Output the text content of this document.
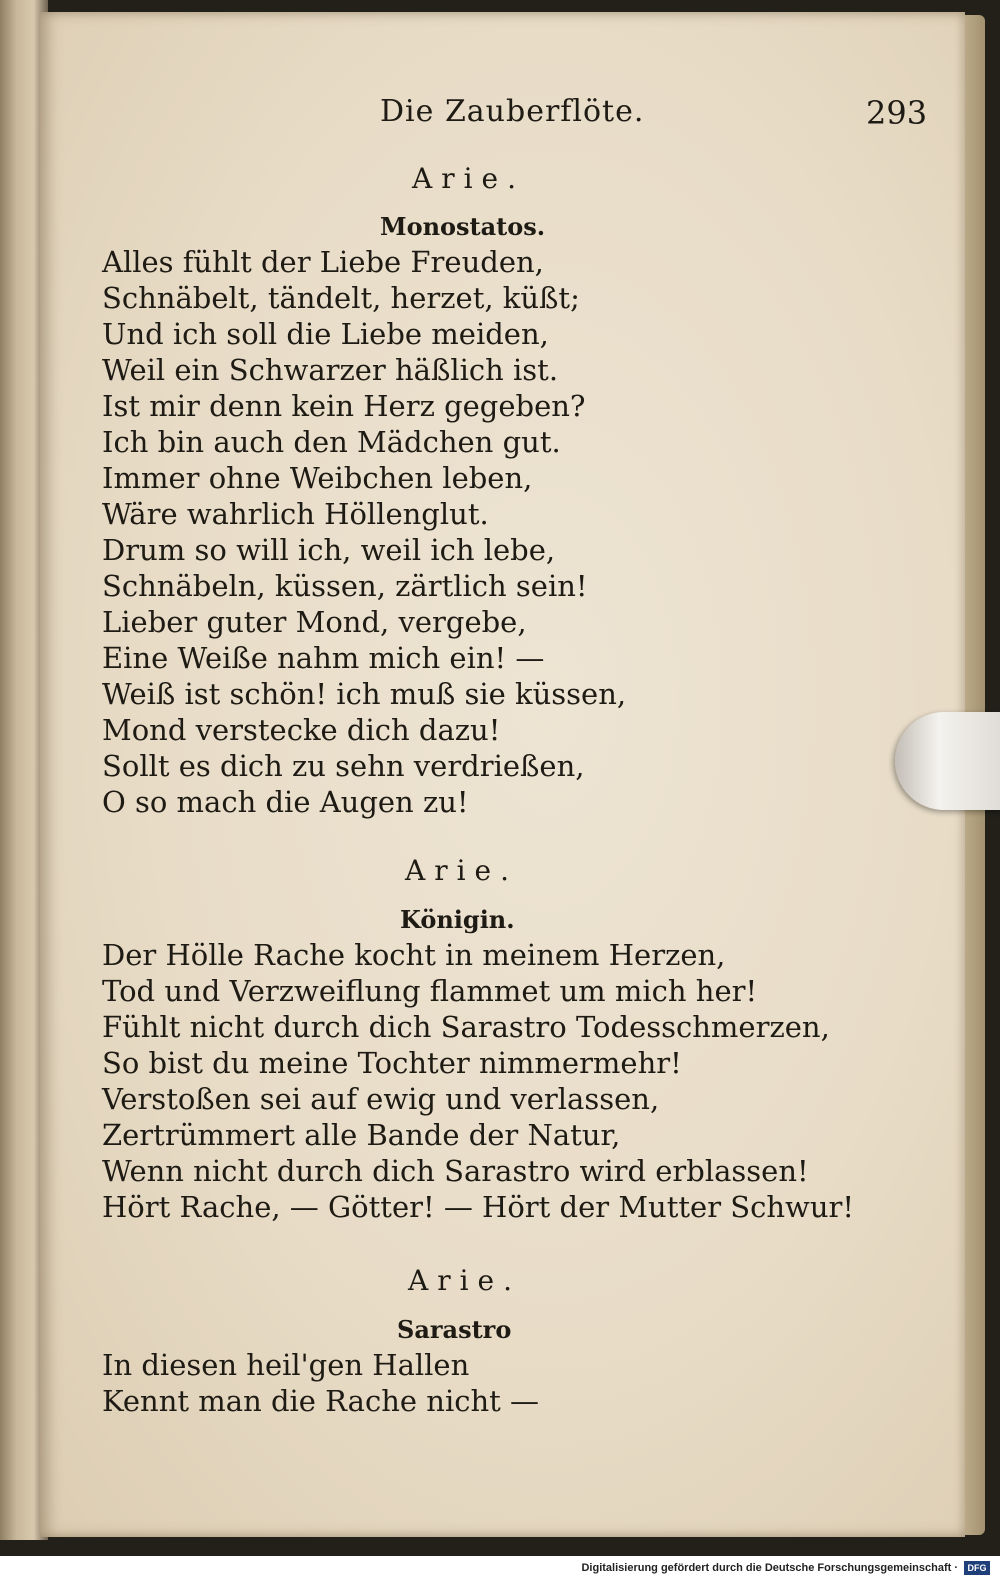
Die Zauberflöte.	293
Arie.
Monostatos.
Alles fühlt der Liebe Freuden,
Schnäbelt, tändelt, herzet, küßt;
Und ich soll die Liebe meiden,
Weil ein Schwarzer häßlich ist.
Ist mir denn kein Herz gegeben?
Ich bin auch den Mädchen gut.
Immer ohne Weibchen leben,
Wäre wahrlich Höllenglut.
Drum so will ich, weil ich lebe,
Schnäbeln, küssen, zärtlich sein!
Lieber guter Mond, vergebe,
Eine Weiße nahm mich ein! —
Weiß ist schön! ich muß sie küssen,
Mond verstecke dich dazu!
Sollt es dich zu sehn verdrießen,
O so mach die Augen zu!
Arie.
Königin.
Der Hölle Rache kocht in meinem Herzen,
Tod und Verzweiflung flammet um mich her!
Fühlt nicht durch dich Sarastro Todesschmerzen,
So bist du meine Tochter nimmermehr!
Verstoßen sei auf ewig und verlassen,
Zertrümmert alle Bande der Natur,
Wenn nicht durch dich Sarastro wird erblassen!
Hört Rache, — Götter! — Hört der Mutter Schwur!
Arie.
Sarastro
In diesen heil'gen Hallen
Kennt man die Rache nicht —
Digitalisierung gefördert durch die Deutsche Forschungsgemeinschaft ·	DFG
